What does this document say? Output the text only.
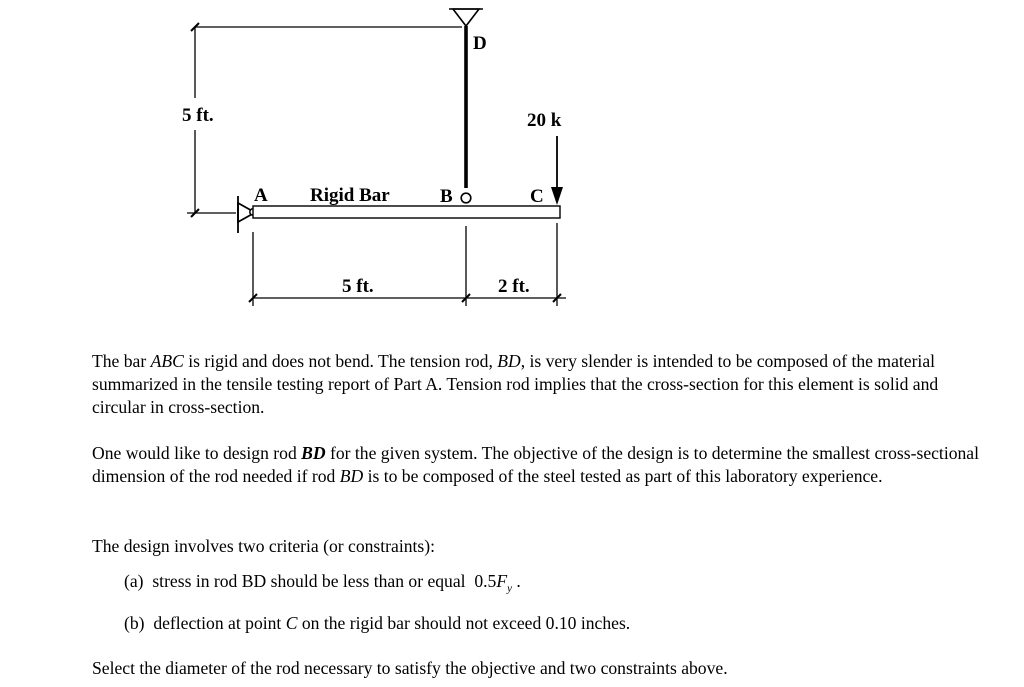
5 ft.
D
20 k
A Rigid Bar	B	C
5 ft.	2 ft.
The bar ABC is rigid and does not bend. The tension rod, BD, is very slender is intended to be composed of the material summarized in the tensile testing report of Part A. Tension rod implies that the cross-section for this element is solid and circular in cross-section.
One would like to design rod BD for the given system. The objective of the design is to determine the smallest cross-sectional dimension of the rod needed if rod BD is to be composed of the steel tested as part of this laboratory experience.
The design involves two criteria (or constraints):
(a) stress in rod BD should be less than or equal $0.5F_y$ .
(b) deflection at point C on the rigid bar should not exceed 0.10 inches.
Select the diameter of the rod necessary to satisfy the objective and two constraints above.
